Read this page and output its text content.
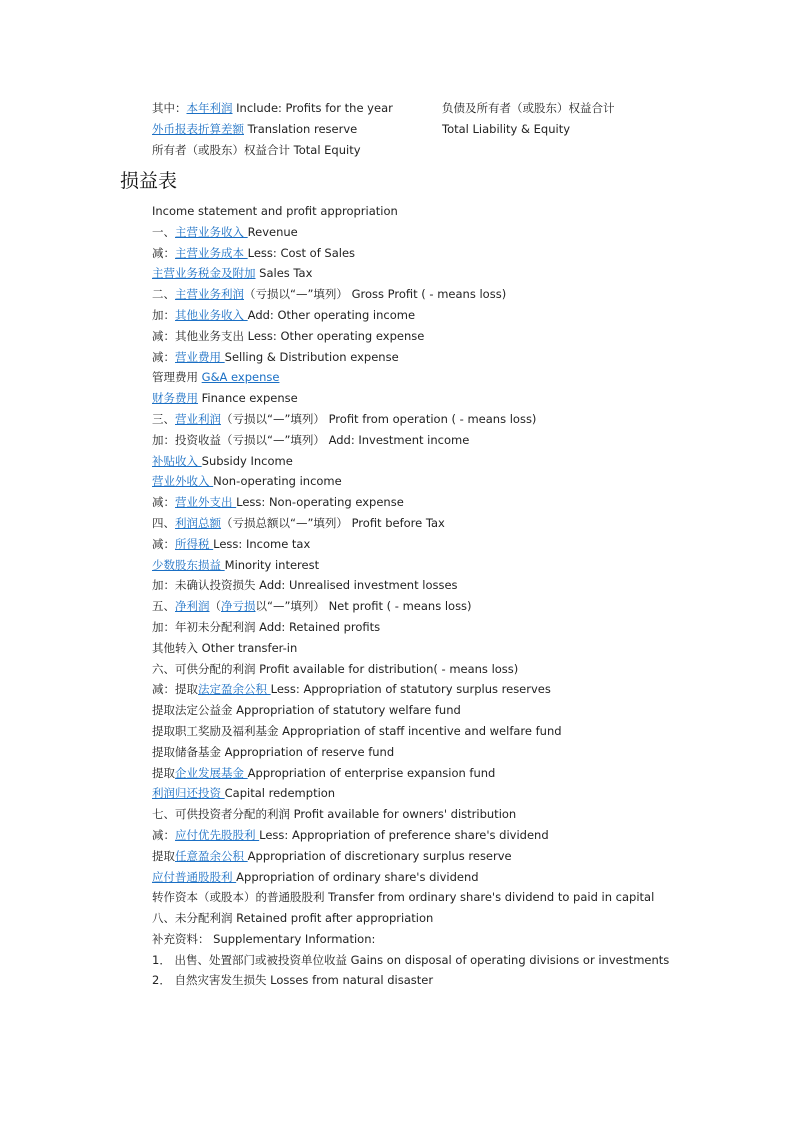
其中：本年利润 Include: Profits for the year	负债及所有者（或股东）权益合计
外币报表折算差额 Translation reserve	Total Liability & Equity
所有者（或股东）权益合计 Total Equity
损益表
Income statement and profit appropriation
一、主营业务收入 Revenue
减：主营业务成本 Less: Cost of Sales
主营业务税金及附加 Sales Tax
二、主营业务利润（亏损以“—”填列） Gross Profit ( - means loss)
加：其他业务收入 Add: Other operating income
减：其他业务支出 Less: Other operating expense
减：营业费用 Selling & Distribution expense
管理费用 G&A expense
财务费用 Finance expense
三、营业利润（亏损以“—”填列） Profit from operation ( - means loss)
加：投资收益（亏损以“—”填列） Add: Investment income
补贴收入 Subsidy Income
营业外收入 Non-operating income
减：营业外支出 Less: Non-operating expense
四、利润总额（亏损总额以“—”填列） Profit before Tax
减：所得税 Less: Income tax
少数股东损益 Minority interest
加：未确认投资损失 Add: Unrealised investment losses
五、净利润（净亏损以“—”填列） Net profit ( - means loss)
加：年初未分配利润 Add: Retained profits
其他转入 Other transfer-in
六、可供分配的利润 Profit available for distribution( - means loss)
减：提取法定盈余公积 Less: Appropriation of statutory surplus reserves
提取法定公益金 Appropriation of statutory welfare fund
提取职工奖励及福利基金 Appropriation of staff incentive and welfare fund
提取储备基金 Appropriation of reserve fund
提取企业发展基金 Appropriation of enterprise expansion fund
利润归还投资 Capital redemption
七、可供投资者分配的利润 Profit available for owners' distribution
减：应付优先股股利 Less: Appropriation of preference share's dividend
提取任意盈余公积 Appropriation of discretionary surplus reserve
应付普通股股利 Appropriation of ordinary share's dividend
转作资本（或股本）的普通股股利 Transfer from ordinary share's dividend to paid in capital
八、未分配利润 Retained profit after appropriation
补充资料： Supplementary Information:
1． 出售、处置部门或被投资单位收益 Gains on disposal of operating divisions or investments
2． 自然灾害发生损失 Losses from natural disaster
